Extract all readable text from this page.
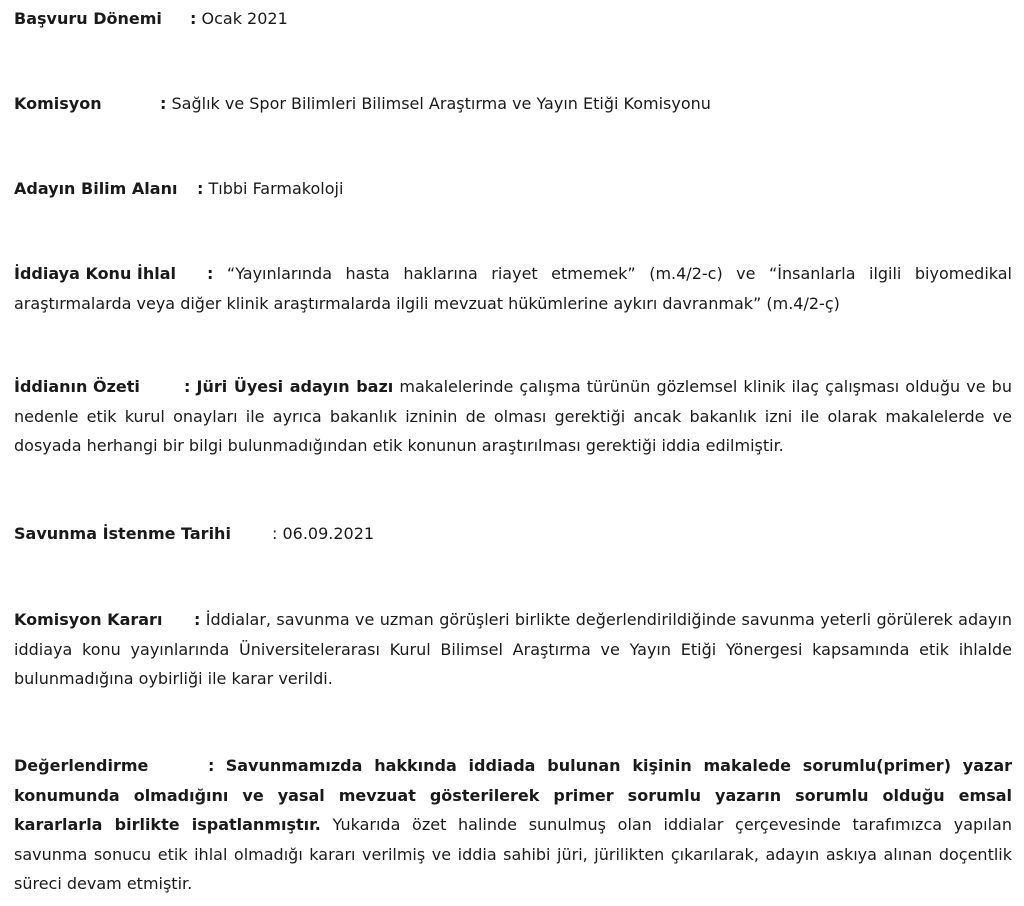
Başvuru Dönemi : Ocak 2021
Komisyon	: Sağlık ve Spor Bilimleri Bilimsel Araştırma ve Yayın Etiği Komisyonu
Adayın Bilim Alanı : Tıbbi Farmakoloji
İddiaya Konu İhlal : “Yayınlarında hasta haklarına riayet etmemek” (m.4/2-c) ve “İnsanlarla ilgili biyomedikal araştırmalarda veya diğer klinik araştırmalarda ilgili mevzuat hükümlerine aykırı davranmak” (m.4/2-ç)
İddianın Özeti	: Jüri Üyesi adayın bazı makalelerinde çalışma türünün gözlemsel klinik ilaç çalışması olduğu ve bu nedenle etik kurul onayları ile ayrıca bakanlık izninin de olması gerektiği ancak bakanlık izni ile olarak makalelerde ve dosyada herhangi bir bilgi bulunmadığından etik konunun araştırılması gerektiği iddia edilmiştir.
Savunma İstenme Tarihi	: 06.09.2021
Komisyon Kararı : İddialar, savunma ve uzman görüşleri birlikte değerlendirildiğinde savunma yeterli görülerek adayın iddiaya konu yayınlarında Üniversitelerarası Kurul Bilimsel Araştırma ve Yayın Etiği Yönergesi kapsamında etik ihlalde bulunmadığına oybirliği ile karar verildi.
Değerlendirme	: Savunmamızda hakkında iddiada bulunan kişinin makalede sorumlu(primer) yazar konumunda olmadığını ve yasal mevzuat gösterilerek primer sorumlu yazarın sorumlu olduğu emsal kararlarla birlikte ispatlanmıştır. Yukarıda özet halinde sunulmuş olan iddialar çerçevesinde tarafımızca yapılan savunma sonucu etik ihlal olmadığı kararı verilmiş ve iddia sahibi jüri, jürilikten çıkarılarak, adayın askıya alınan doçentlik süreci devam etmiştir.
